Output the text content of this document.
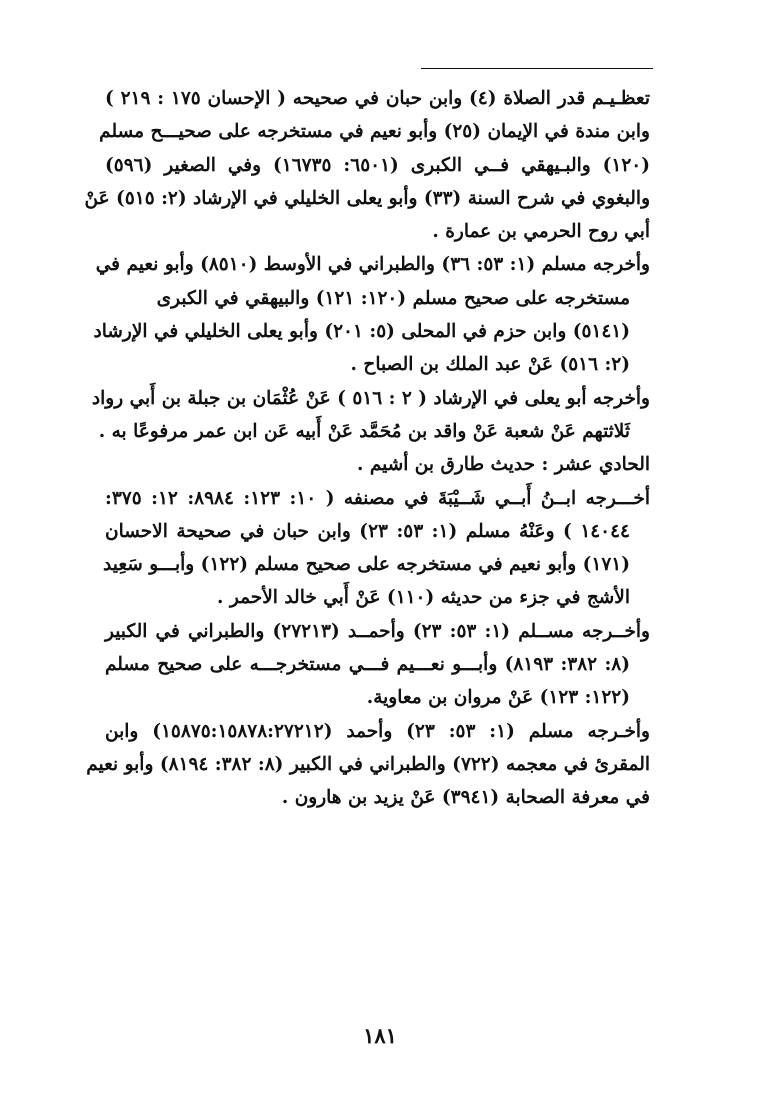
تعظـيـم قدر الصلاة (٤) وابن حبان في صحيحه ( الإحسان ١٧٥ : ٢١٩ )
وابن مندة في الإيمان (٢٥) وأبو نعيم في مستخرجه على صحيـــح مسلم
(١٢٠) والبـيهقي فــي الكبرى (٦٥٠١: ١٦٧٣٥) وفي الصغير (٥٩٦)
والبغوي في شرح السنة (٣٣) وأبو يعلى الخليلي في الإرشاد (٢: ٥١٥) عَنْ
أبي روح الحرمي بن عمارة .
وأخرجه مسلم (١: ٥٣: ٣٦) والطبراني في الأوسط (٨٥١٠) وأبو نعيم في
مستخرجه على صحيح مسلم (١٢٠: ١٢١) والبيهقي في الكبرى
(٥١٤١) وابن حزم في المحلى (٥: ٢٠١) وأبو يعلى الخليلي في الإرشاد
(٢: ٥١٦) عَنْ عبد الملك بن الصباح .
وأخرجه أبو يعلى في الإرشاد ( ٢ : ٥١٦ ) عَنْ عُثْمَان بن جبلة بن أَبي رواد
ثَلاثتهم عَنْ شعبة عَنْ واقد بن مُحَمَّد عَنْ أَبيه عَن ابن عمر مرفوعًا به .
الحادي عشر : حديث طارق بن أشيم .
أخـــرجه ابــنُ أَبــي شَــيْبَةَ في مصنفه ( ١٠: ١٢٣: ٨٩٨٤: ١٢: ٣٧٥:
١٤٠٤٤ ) وعَنْهُ مسلم (١: ٥٣: ٢٣) وابن حبان في صحيحة الاحسان
(١٧١) وأبو نعيم في مستخرجه على صحيح مسلم (١٢٢) وأبـــو سَعِيد
الأشج في جزء من حديثه (١١٠) عَنْ أَبي خالد الأحمر .
وأخــرجه مســلم (١: ٥٣: ٢٣) وأحمــد (٢٧٢١٣) والطبراني في الكبير
(٨: ٣٨٢: ٨١٩٣) وأبـــو نعـــيم فـــي مستخرجـــه على صحيح مسلم
(١٢٢: ١٢٣) عَنْ مروان بن معاوية.
وأخـرجه مسلم (١: ٥٣: ٢٣) وأحمد (١٥٨٧٥:١٥٨٧٨:٢٧٢١٢) وابن
المقرئ في معجمه (٧٢٢) والطبراني في الكبير (٨: ٣٨٢: ٨١٩٤) وأبو نعيم
في معرفة الصحابة (٣٩٤١) عَنْ يزيد بن هارون .
١٨١
